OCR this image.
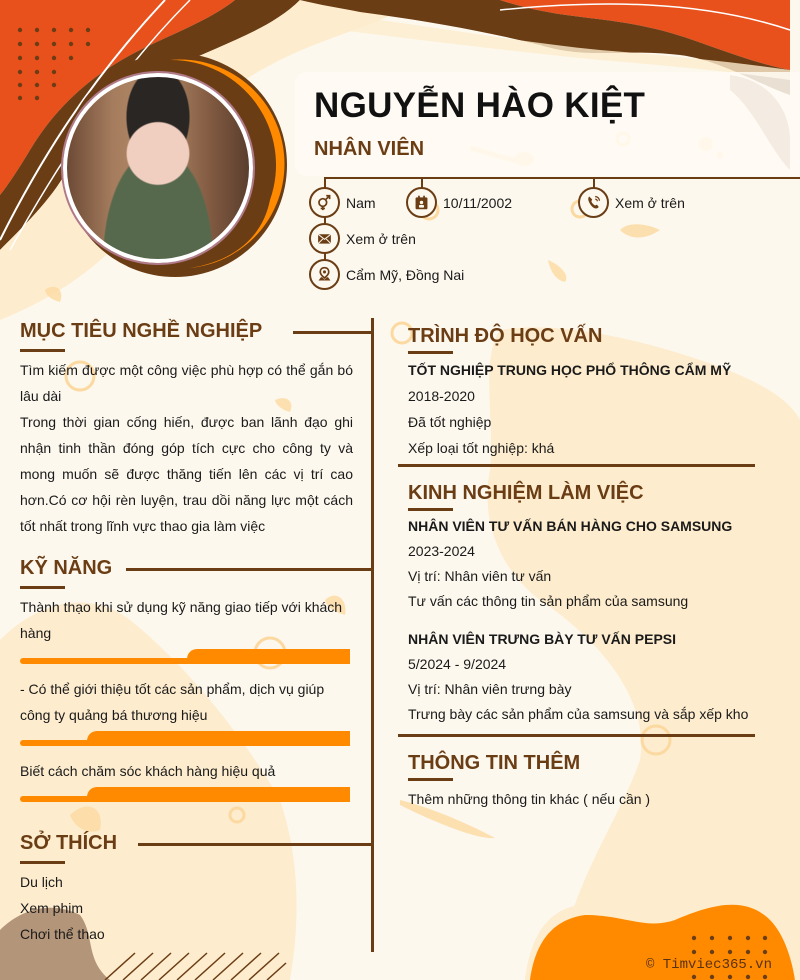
NGUYỄN HÀO KIỆT
NHÂN VIÊN
Nam	10/11/2002	Xem ở trên
Xem ở trên
Cẩm Mỹ, Đồng Nai
MỤC TIÊU NGHỀ NGHIỆP
Tìm kiếm được một công việc phù hợp có thể gắn bó lâu dài
Trong thời gian cống hiến, được ban lãnh đạo ghi nhận tinh thần đóng góp tích cực cho công ty và mong muốn sẽ được thăng tiến lên các vị trí cao hơn.Có cơ hội rèn luyện, trau dồi năng lực một cách tốt nhất trong lĩnh vực thao gia làm việc
KỸ NĂNG
Thành thạo khi sử dụng kỹ năng giao tiếp với khách hàng
- Có thể giới thiệu tốt các sản phẩm, dịch vụ giúp công ty quảng bá thương hiệu
Biết cách chăm sóc khách hàng hiệu quả
SỞ THÍCH
Du lịch
Xem phim
Chơi thể thao
TRÌNH ĐỘ HỌC VẤN
TỐT NGHIỆP TRUNG HỌC PHỔ THÔNG CẨM MỸ
2018-2020
Đã tốt nghiệp
Xếp loại tốt nghiệp: khá
KINH NGHIỆM LÀM VIỆC
NHÂN VIÊN TƯ VẤN BÁN HÀNG CHO SAMSUNG
2023-2024
Vị trí: Nhân viên tư vấn
Tư vấn các thông tin sản phẩm của samsung
NHÂN VIÊN TRƯNG BÀY TƯ VẤN PEPSI
5/2024 - 9/2024
Vị trí: Nhân viên trưng bày
Trưng bày các sản phẩm của samsung và sắp xếp kho
THÔNG TIN THÊM
Thêm những thông tin khác ( nếu cần )
© Timviec365.vn
